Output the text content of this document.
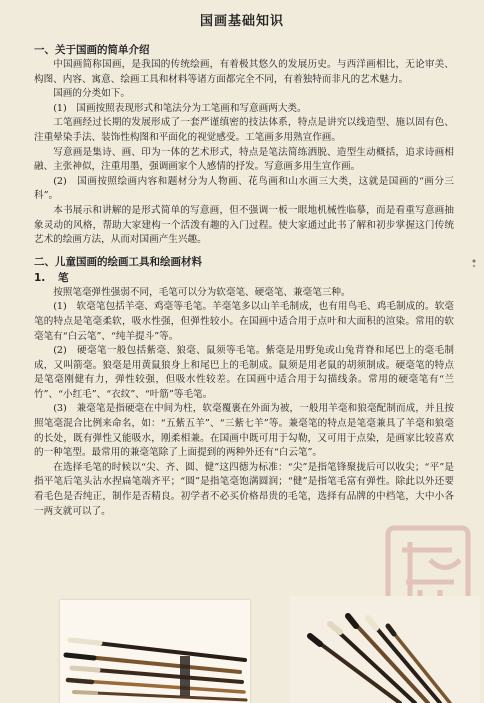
国画基础知识
一、关于国画的简单介绍

中国画简称国画，是我国的传统绘画，有着极其悠久的发展历史。与西洋画相比，无论审美、构图、内容、寓意、绘画工具和材料等诸方面都完全不同，有着独特而非凡的艺术魅力。

国画的分类如下。

(1)　国画按照表现形式和笔法分为工笔画和写意画两大类。

工笔画经过长期的发展形成了一套严谨缜密的技法体系，特点是讲究以线造型、施以固有色、注重晕染手法、装饰性构图和平面化的视觉感受。工笔画多用熟宣作画。

写意画是集诗、画、印为一体的艺术形式，特点是笔法简练洒脱、造型生动概括，追求诗画相融、主张神似，注重用墨，强调画家个人感情的抒发。写意画多用生宣作画。

(2)　国画按照绘画内容和题材分为人物画、花鸟画和山水画三大类，这就是国画的“画分三科”。

本书展示和讲解的是形式简单的写意画，但不强调一板一眼地机械性临摹，而是看重写意画抽象灵动的风格，帮助大家建构一个活泼有趣的入门过程。使大家通过此书了解和初步掌握这门传统艺术的绘画方法，从而对国画产生兴趣。

二、儿童国画的绘画工具和绘画材料
1. 笔

按照笔毫弹性强弱不同，毛笔可以分为软毫笔、硬毫笔、兼毫笔三种。

(1)　软毫笔包括羊毫、鸡毫等毛笔。羊毫笔多以山羊毛制成，也有用鸟毛、鸡毛制成的。软毫笔的特点是笔毫柔软，吸水性强，但弹性较小。在国画中适合用于点叶和大面积的渲染。常用的软毫笔有“白云笔”、“纯羊提斗”等。

(2)　硬毫笔一般包括紫毫、狼毫、鼠须等毛笔。紫毫是用野兔或山兔背脊和尾巴上的毫毛制成，又叫箭毫。狼毫是用黄鼠狼身上和尾巴上的毛制成。鼠须是用老鼠的胡须制成。硬毫笔的特点是笔毫刚健有力，弹性较强，但吸水性较差。在国画中适合用于勾描线条。常用的硬毫笔有“兰竹”、“小红毛”、“衣纹”、“叶筋”等毛笔。

(3)　兼毫笔是指硬毫在中间为柱，软毫覆裹在外面为被，一般用羊毫和狼毫配制而成，并且按照笔毫混合比例来命名，如：“五紫五羊”、“三紫七羊”等。兼毫笔的特点是笔毫兼具了羊毫和狼毫的长处，既有弹性又能吸水，刚柔相兼。在国画中既可用于勾勒，又可用于点染，是画家比较喜欢的一种笔型。最常用的兼毫笔除了上面提到的两种外还有“白云笔”。

在选择毛笔的时候以“尖、齐、圆、健”这四德为标准：“尖”是指笔锋聚拢后可以收尖；“平”是指平笔后笔头沾水捏扁笔端齐平；“圆”是指笔毫饱满圆润；“健”是指笔毛富有弹性。除此以外还要看毛色是否纯正，制作是否精良。初学者不必买价格昂贵的毛笔，选择有品牌的中档笔，大中小各一两支就可以了。
